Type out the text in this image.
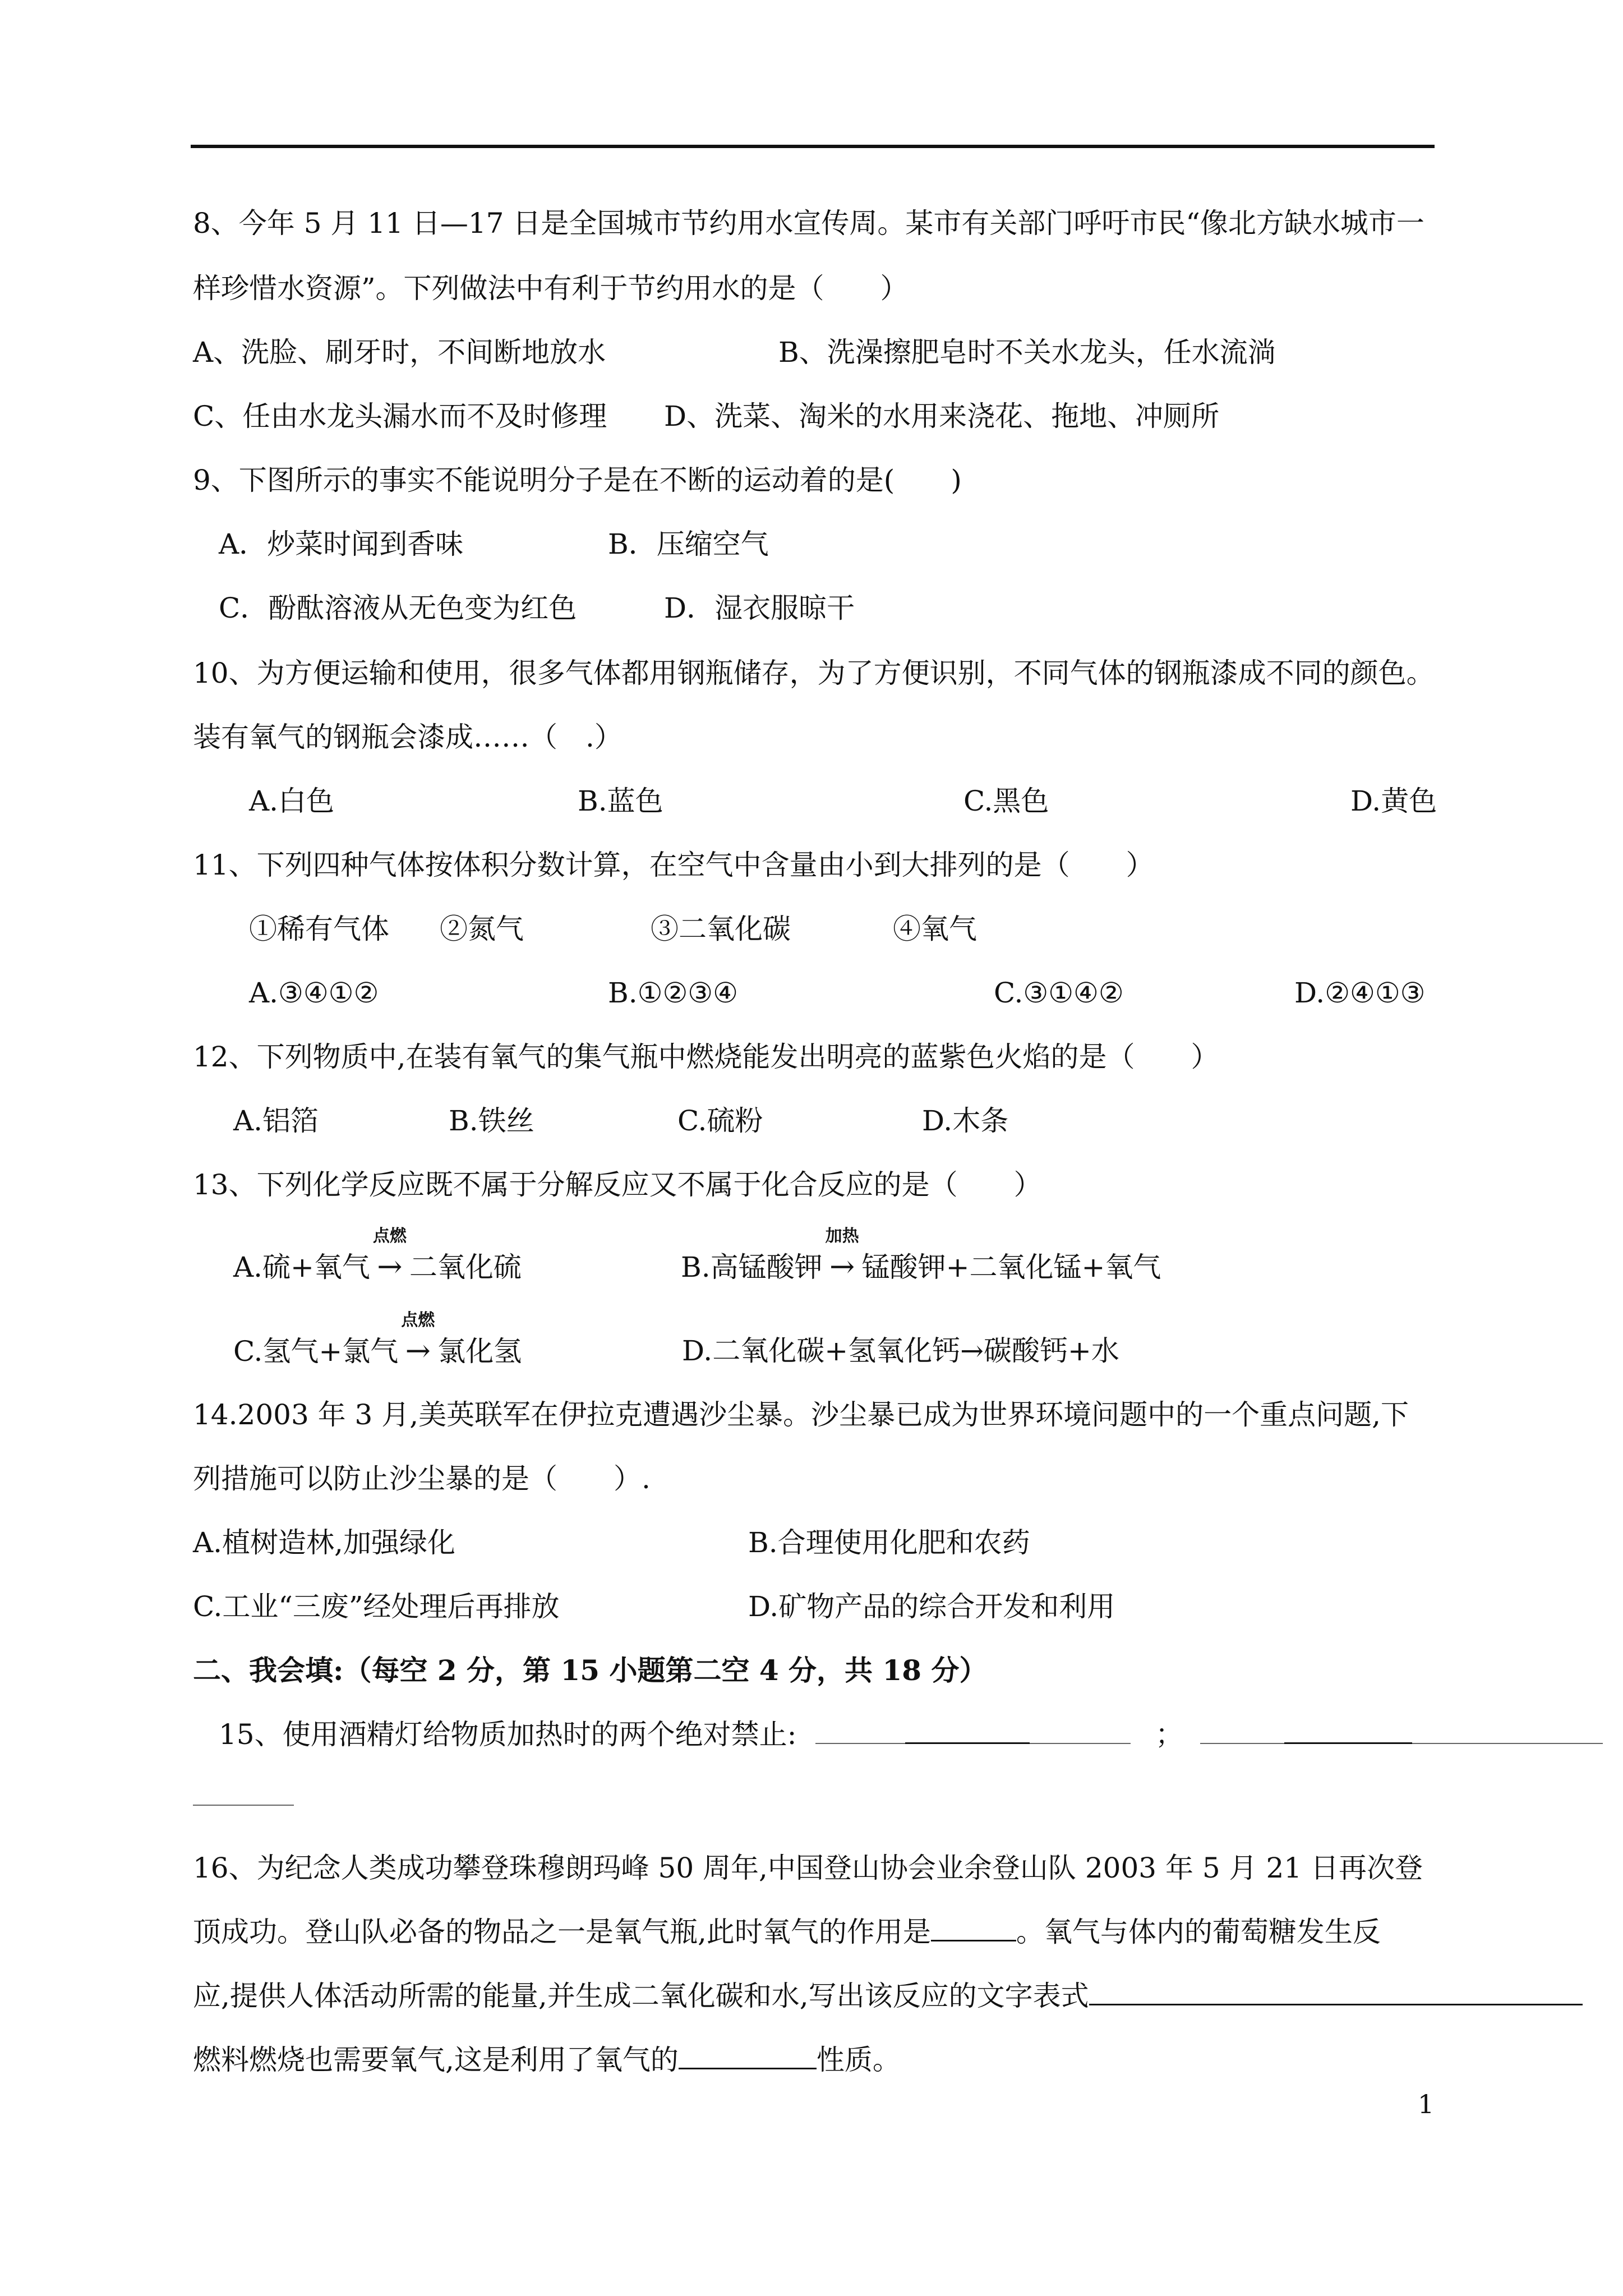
8、今年 5 月 11 日—17 日是全国城市节约用水宣传周。某市有关部门呼吁市民“像北方缺水城市一
样珍惜水资源”。下列做法中有利于节约用水的是（　　）
A、洗脸、刷牙时，不间断地放水	B、洗澡擦肥皂时不关水龙头，任水流淌
C、任由水龙头漏水而不及时修理 D、洗菜、淘米的水用来浇花、拖地、冲厕所
9、下图所示的事实不能说明分子是在不断的运动着的是(　　)
A．炒菜时闻到香味	B．压缩空气
C．酚酞溶液从无色变为红色	D．湿衣服晾干
10、为方便运输和使用，很多气体都用钢瓶储存，为了方便识别，不同气体的钢瓶漆成不同的颜色。
装有氧气的钢瓶会漆成……（　.）
A.白色	B.蓝色	C.黑色	D.黄色
11、下列四种气体按体积分数计算，在空气中含量由小到大排列的是（　　）
①稀有气体 ②氮气	③二氧化碳	④氧气
A.③④①②	B.①②③④	C.③①④②	D.②④①③
12、下列物质中,在装有氧气的集气瓶中燃烧能发出明亮的蓝紫色火焰的是（　　）
A.铝箔	B.铁丝	C.硫粉	D.木条
13、下列化学反应既不属于分解反应又不属于化合反应的是（　　）
A.硫+氧气
点燃
→ 二氧化硫	B.高锰酸钾
加热
→ 锰酸钾+二氧化锰+氧气
C.氢气+氯气
点燃
→ 氯化氢	D.二氧化碳+氢氧化钙→碳酸钙+水
14.2003 年 3 月,美英联军在伊拉克遭遇沙尘暴。沙尘暴已成为世界环境问题中的一个重点问题,下
列措施可以防止沙尘暴的是（　　）.
A.植树造林,加强绿化	B.合理使用化肥和农药
C.工业“三废”经处理后再排放	D.矿物产品的综合开发和利用
二、我会填:（每空 2 分，第 15 小题第二空 4 分，共 18 分）
15、使用酒精灯给物质加热时的两个绝对禁止:	；
16、为纪念人类成功攀登珠穆朗玛峰 50 周年,中国登山协会业余登山队 2003 年 5 月 21 日再次登
顶成功。登山队必备的物品之一是氧气瓶,此时氧气的作用是	。氧气与体内的葡萄糖发生反
应,提供人体活动所需的能量,并生成二氧化碳和水,写出该反应的文字表式
燃料燃烧也需要氧气,这是利用了氧气的	性质。
1
